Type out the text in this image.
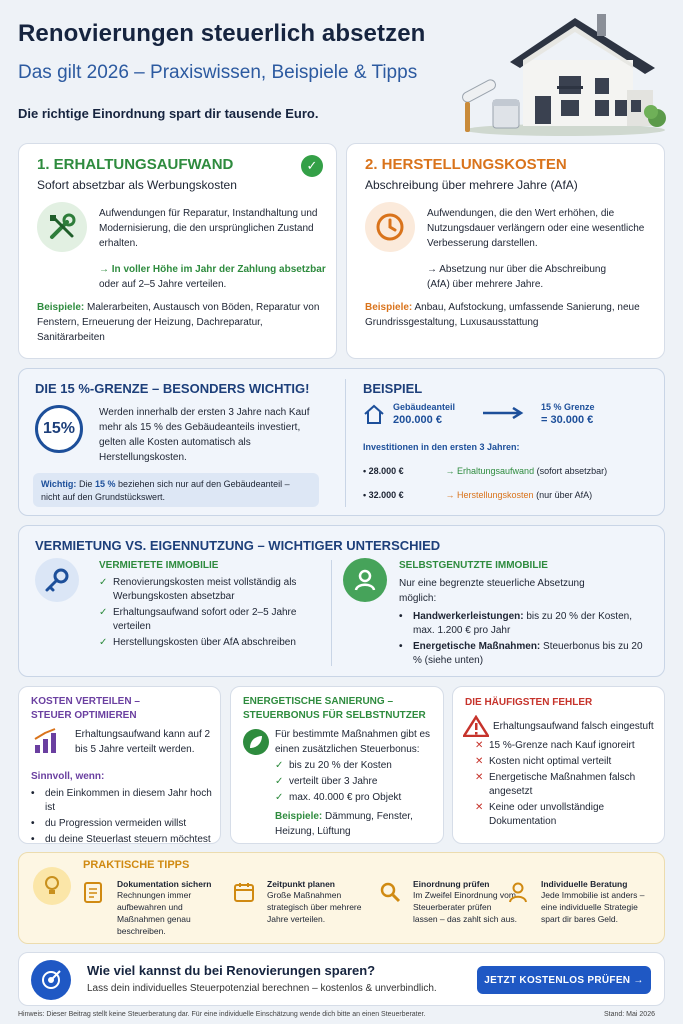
Renovierungen steuerlich absetzen
Das gilt 2026 – Praxiswissen, Beispiele & Tipps
Die richtige Einordnung spart dir tausende Euro.
1. ERHALTUNGSAUFWAND	✓
Sofort absetzbar als Werbungskosten
Aufwendungen für Reparatur, Instandhaltung und Modernisierung, die den ursprünglichen Zustand erhalten.
→ In voller Höhe im Jahr der Zahlung absetzbar
oder auf 2–5 Jahre verteilen.
Beispiele: Malerarbeiten, Austausch von Böden, Reparatur von Fenstern, Erneuerung der Heizung, Dachreparatur, Sanitärarbeiten
2. HERSTELLUNGSKOSTEN
Abschreibung über mehrere Jahre (AfA)
Aufwendungen, die den Wert erhöhen, die Nutzungsdauer verlängern oder eine wesentliche Verbesserung darstellen.
→ Absetzung nur über die Abschreibung (AfA) über mehrere Jahre.
Beispiele: Anbau, Aufstockung, umfassende Sanierung, neue Grundrissgestaltung, Luxusausstattung
DIE 15 %-GRENZE – BESONDERS WICHTIG!
15%
Werden innerhalb der ersten 3 Jahre nach Kauf mehr als 15 % des Gebäudeanteils investiert, gelten alle Kosten automatisch als Herstellungskosten.
Wichtig: Die 15 % beziehen sich nur auf den Gebäudeanteil – nicht auf den Grundstückswert.
BEISPIEL
Gebäudeanteil
200.000 €
15 % Grenze
= 30.000 €
Investitionen in den ersten 3 Jahren:
• 28.000 €	→ Erhaltungsaufwand (sofort absetzbar)
• 32.000 €	→ Herstellungskosten (nur über AfA)
VERMIETUNG VS. EIGENNUTZUNG – WICHTIGER UNTERSCHIED
VERMIETETE IMMOBILIE
✓ Renovierungskosten meist vollständig als Werbungskosten absetzbar
✓ Erhaltungsaufwand sofort oder 2–5 Jahre verteilen
✓ Herstellungskosten über AfA abschreiben
SELBSTGENUTZTE IMMOBILIE
Nur eine begrenzte steuerliche Absetzung möglich:
• Handwerkerleistungen: bis zu 20 % der Kosten, max. 1.200 € pro Jahr
• Energetische Maßnahmen: Steuerbonus bis zu 20 % (siehe unten)
KOSTEN VERTEILEN –
STEUER OPTIMIEREN
Erhaltungsaufwand kann auf 2 bis 5 Jahre verteilt werden.
Sinnvoll, wenn:
• dein Einkommen in diesem Jahr hoch ist
• du Progression vermeiden willst
• du deine Steuerlast steuern möchtest
ENERGETISCHE SANIERUNG –
STEUERBONUS FÜR SELBSTNUTZER
Für bestimmte Maßnahmen gibt es einen zusätzlichen Steuerbonus:
✓ bis zu 20 % der Kosten
✓ verteilt über 3 Jahre
✓ max. 40.000 € pro Objekt
Beispiele: Dämmung, Fenster, Heizung, Lüftung
DIE HÄUFIGSTEN FEHLER
Erhaltungsaufwand falsch eingestuft
✕ 15 %-Grenze nach Kauf ignoreirt
✕ Kosten nicht optimal verteilt
✕ Energetische Maßnahmen falsch angesetzt
✕ Keine oder unvollständige Dokumentation
PRAKTISCHE TIPPS
Dokumentation sichern
Rechnungen immer aufbewahren und Maßnahmen genau beschreiben.
Zeitpunkt planen
Große Maßnahmen strategisch über mehrere Jahre verteilen.
Einordnung prüfen
Im Zweifel Einordnung vom Steuerberater prüfen lassen – das zahlt sich aus.
Individuelle Beratung
Jede Immobilie ist anders – eine individuelle Strategie spart dir bares Geld.
Wie viel kannst du bei Renovierungen sparen?
Lass dein individuelles Steuerpotenzial berechnen – kostenlos & unverbindlich.
JETZT KOSTENLOS PRÜFEN →
Hinweis: Dieser Beitrag stellt keine Steuerberatung dar. Für eine individuelle Einschätzung wende dich bitte an einen Steuerberater.	Stand: Mai 2026
